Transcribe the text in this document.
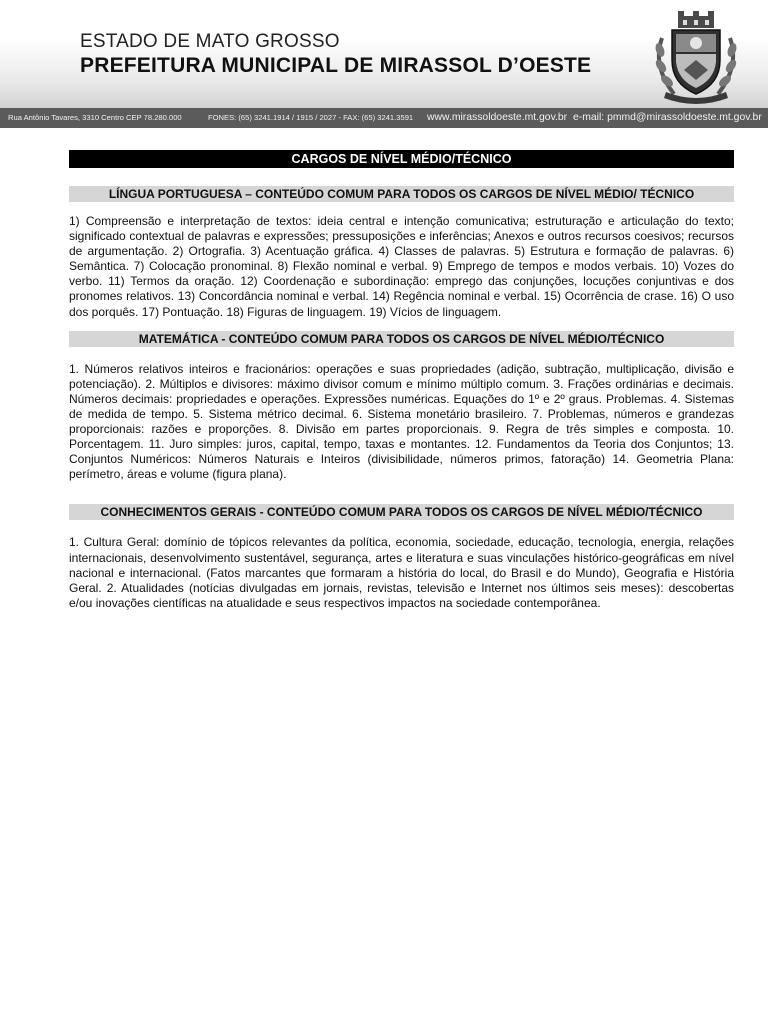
ESTADO DE MATO GROSSO
PREFEITURA MUNICIPAL DE MIRASSOL D’OESTE
Rua Antônio Tavares, 3310 Centro CEP 78.280.000	FONES: (65) 3241.1914 / 1915 / 2027 - FAX: (65) 3241.3591 www.mirassoldoeste.mt.gov.br e-mail: pmmd@mirassoldoeste.mt.gov.br
CARGOS DE NÍVEL MÉDIO/TÉCNICO
LÍNGUA PORTUGUESA – CONTEÚDO COMUM PARA TODOS OS CARGOS DE NÍVEL MÉDIO/ TÉCNICO

1) Compreensão e interpretação de textos: ideia central e intenção comunicativa; estruturação e articulação do texto; significado contextual de palavras e expressões; pressuposições e inferências; Anexos e outros recursos coesivos; recursos de argumentação. 2) Ortografia. 3) Acentuação gráfica. 4) Classes de palavras. 5) Estrutura e formação de palavras. 6) Semântica. 7) Colocação pronominal. 8) Flexão nominal e verbal. 9) Emprego de tempos e modos verbais. 10) Vozes do verbo. 11) Termos da oração. 12) Coordenação e subordinação: emprego das conjunções, locuções conjuntivas e dos pronomes relativos. 13) Concordância nominal e verbal. 14) Regência nominal e verbal. 15) Ocorrência de crase. 16) O uso dos porquês. 17) Pontuação. 18) Figuras de linguagem. 19) Vícios de linguagem.

MATEMÁTICA - CONTEÚDO COMUM PARA TODOS OS CARGOS DE NÍVEL MÉDIO/TÉCNICO

1. Números relativos inteiros e fracionários: operações e suas propriedades (adição, subtração, multiplicação, divisão e potenciação). 2. Múltiplos e divisores: máximo divisor comum e mínimo múltiplo comum. 3. Frações ordinárias e decimais. Números decimais: propriedades e operações. Expressões numéricas. Equações do 1º e 2º graus. Problemas. 4. Sistemas de medida de tempo. 5. Sistema métrico decimal. 6. Sistema monetário brasileiro. 7. Problemas, números e grandezas proporcionais: razões e proporções. 8. Divisão em partes proporcionais. 9. Regra de três simples e composta. 10. Porcentagem. 11. Juro simples: juros, capital, tempo, taxas e montantes. 12. Fundamentos da Teoria dos Conjuntos; 13. Conjuntos Numéricos: Números Naturais e Inteiros (divisibilidade, números primos, fatoração) 14. Geometria Plana: perímetro, áreas e volume (figura plana).

CONHECIMENTOS GERAIS - CONTEÚDO COMUM PARA TODOS OS CARGOS DE NÍVEL MÉDIO/TÉCNICO

1. Cultura Geral: domínio de tópicos relevantes da política, economia, sociedade, educação, tecnologia, energia, relações internacionais, desenvolvimento sustentável, segurança, artes e literatura e suas vinculações histórico-geográficas em nível nacional e internacional. (Fatos marcantes que formaram a história do local, do Brasil e do Mundo), Geografia e História Geral. 2. Atualidades (notícias divulgadas em jornais, revistas, televisão e Internet nos últimos seis meses): descobertas e/ou inovações científicas na atualidade e seus respectivos impactos na sociedade contemporânea.
